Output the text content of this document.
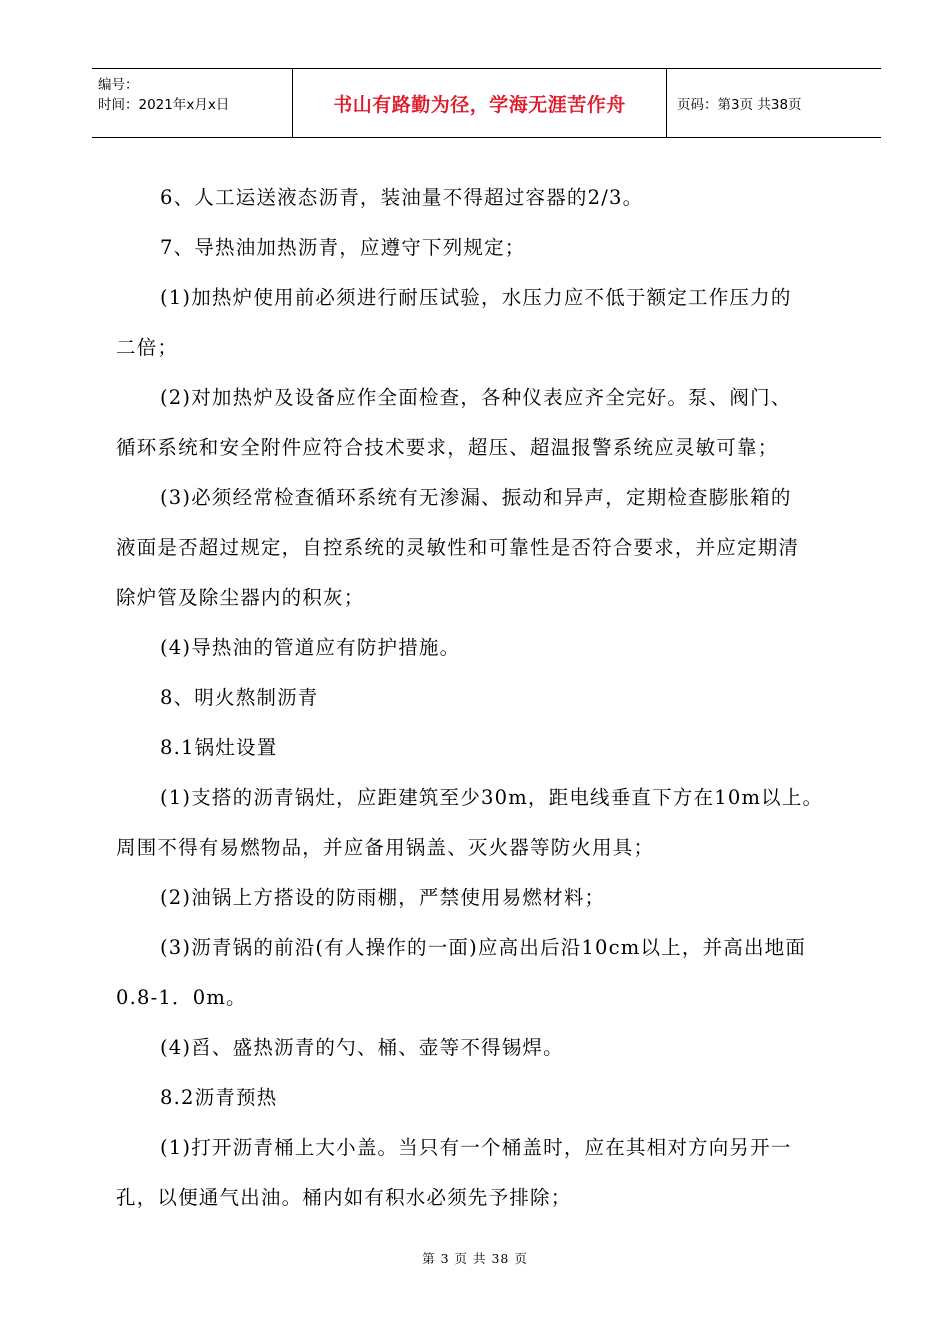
编号：
时间：2021年x月x日	书山有路勤为径，学海无涯苦作舟	页码：第3页 共38页
6、人工运送液态沥青，装油量不得超过容器的2/3。
7、导热油加热沥青，应遵守下列规定；
(1)加热炉使用前必须进行耐压试验，水压力应不低于额定工作压力的
二倍；
(2)对加热炉及设备应作全面检查，各种仪表应齐全完好。泵、阀门、
循环系统和安全附件应符合技术要求，超压、超温报警系统应灵敏可靠；
(3)必须经常检查循环系统有无渗漏、振动和异声，定期检查膨胀箱的
液面是否超过规定，自控系统的灵敏性和可靠性是否符合要求，并应定期清
除炉管及除尘器内的积灰；
(4)导热油的管道应有防护措施。
8、明火熬制沥青
8.1锅灶设置
(1)支搭的沥青锅灶，应距建筑至少30m，距电线垂直下方在10m以上。
周围不得有易燃物品，并应备用锅盖、灭火器等防火用具；
(2)油锅上方搭设的防雨棚，严禁使用易燃材料；
(3)沥青锅的前沿(有人操作的一面)应高出后沿10cm以上，并高出地面
0.8-1．0m。
(4)舀、盛热沥青的勺、桶、壶等不得锡焊。
8.2沥青预热
(1)打开沥青桶上大小盖。当只有一个桶盖时，应在其相对方向另开一
孔，以便通气出油。桶内如有积水必须先予排除；
第 3 页 共 38 页
